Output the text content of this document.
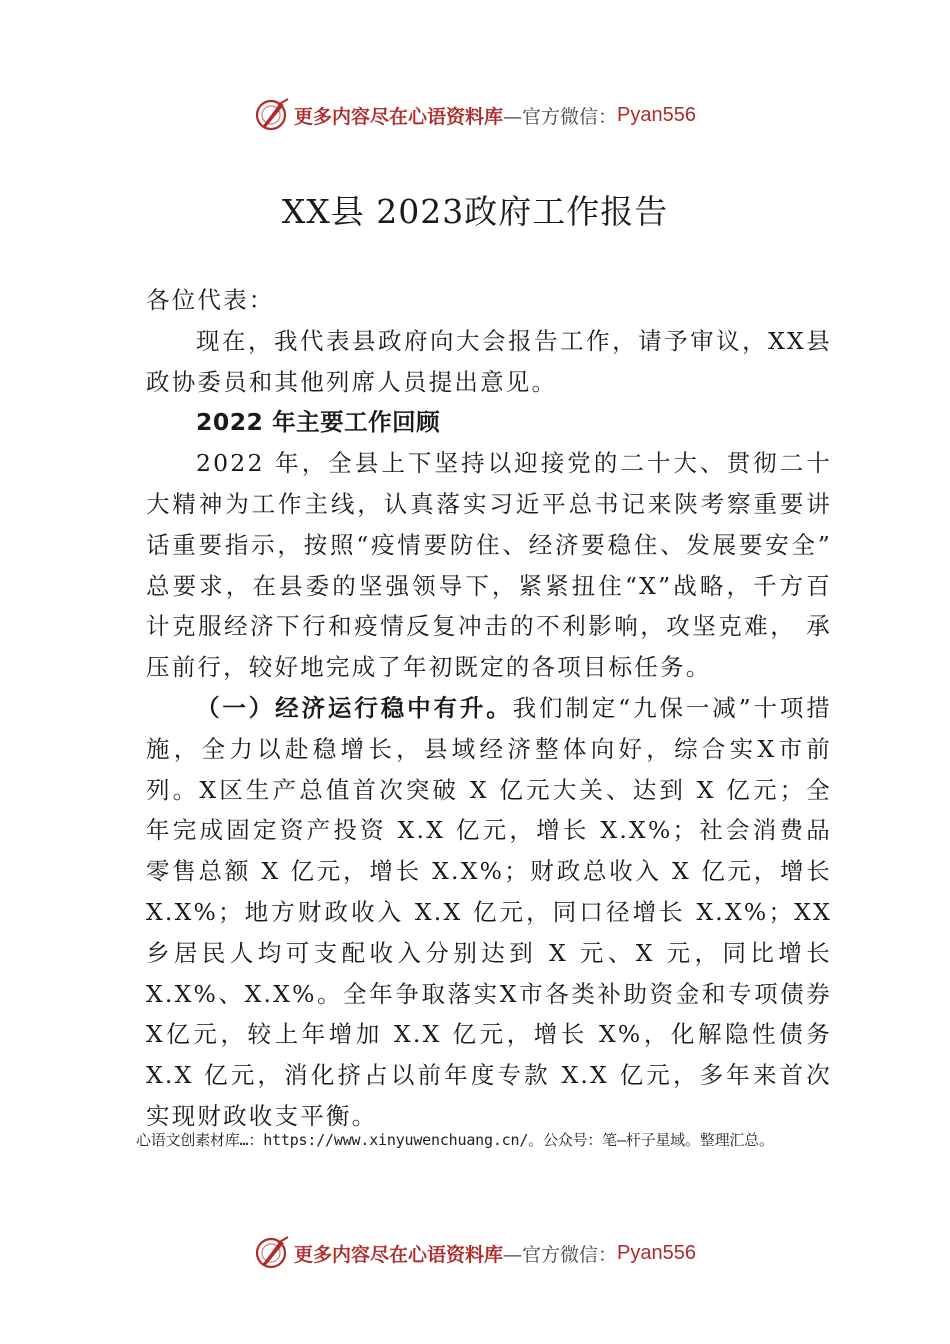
更多内容尽在心语资料库 —官方微信： Pyan556
XX县 2023政府工作报告

各位代表：

现在，我代表县政府向大会报告工作，请予审议，XX县政协委员和其他列席人员提出意见。

2022 年主要工作回顾

2022 年，全县上下坚持以迎接党的二十大、贯彻二十大精神为工作主线，认真落实习近平总书记来陕考察重要讲话重要指示，按照“疫情要防住、经济要稳住、发展要安全” 总要求，在县委的坚强领导下，紧紧扭住“X”战略，千方百计克服经济下行和疫情反复冲击的不利影响，攻坚克难， 承压前行，较好地完成了年初既定的各项目标任务。

（一）经济运行稳中有升。我们制定“九保一减”十项措施，全力以赴稳增长，县域经济整体向好，综合实X市前列。X区生产总值首次突破 X 亿元大关、达到 X 亿元；全年完成固定资产投资 X.X 亿元，增长 X.X%；社会消费品零售总额 X 亿元，增长 X.X%；财政总收入 X 亿元，增长X.X%；地方财政收入 X.X 亿元，同口径增长 X.X%；XX乡居民人均可支配收入分别达到 X 元、X 元，同比增长X.X%、X.X%。全年争取落实X市各类补助资金和专项债券X亿元，较上年增加 X.X 亿元，增长 X%，化解隐性债务 X.X 亿元，消化挤占以前年度专款 X.X 亿元，多年来首次实现财政收支平衡。

心语文创素材库…：https://www.xinyuwenchuang.cn/。公众号：笔—杆子星域。整理汇总。
更多内容尽在心语资料库 —官方微信： Pyan556
